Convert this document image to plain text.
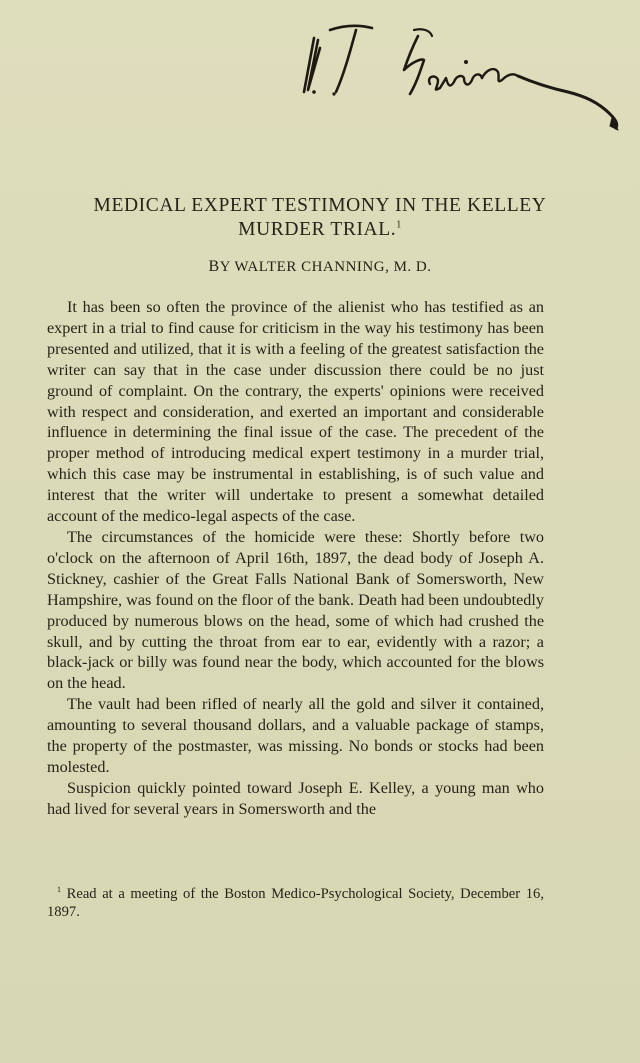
MEDICAL EXPERT TESTIMONY IN THE KELLEY
MURDER TRIAL.$^1$
BY WALTER CHANNING, M. D.

It has been so often the province of the alienist who has testified as an expert in a trial to find cause for criticism in the way his testimony has been presented and utilized, that it is with a feeling of the greatest satisfaction the writer can say that in the case under discussion there could be no just ground of complaint. On the contrary, the experts' opinions were received with respect and consideration, and exerted an important and considerable influence in determining the final issue of the case. The precedent of the proper method of introducing medical expert testimony in a murder trial, which this case may be instrumental in establishing, is of such value and interest that the writer will undertake to present a somewhat detailed account of the medico-legal aspects of the case.

The circumstances of the homicide were these: Shortly before two o'clock on the afternoon of April 16th, 1897, the dead body of Joseph A. Stickney, cashier of the Great Falls National Bank of Somersworth, New Hampshire, was found on the floor of the bank. Death had been undoubtedly produced by numerous blows on the head, some of which had crushed the skull, and by cutting the throat from ear to ear, evidently with a razor; a black-jack or billy was found near the body, which accounted for the blows on the head.

The vault had been rifled of nearly all the gold and silver it contained, amounting to several thousand dollars, and a valuable package of stamps, the property of the postmaster, was missing. No bonds or stocks had been molested.

Suspicion quickly pointed toward Joseph E. Kelley, a young man who had lived for several years in Somersworth and the

$^1$ Read at a meeting of the Boston Medico-Psychological Society, December 16, 1897.
